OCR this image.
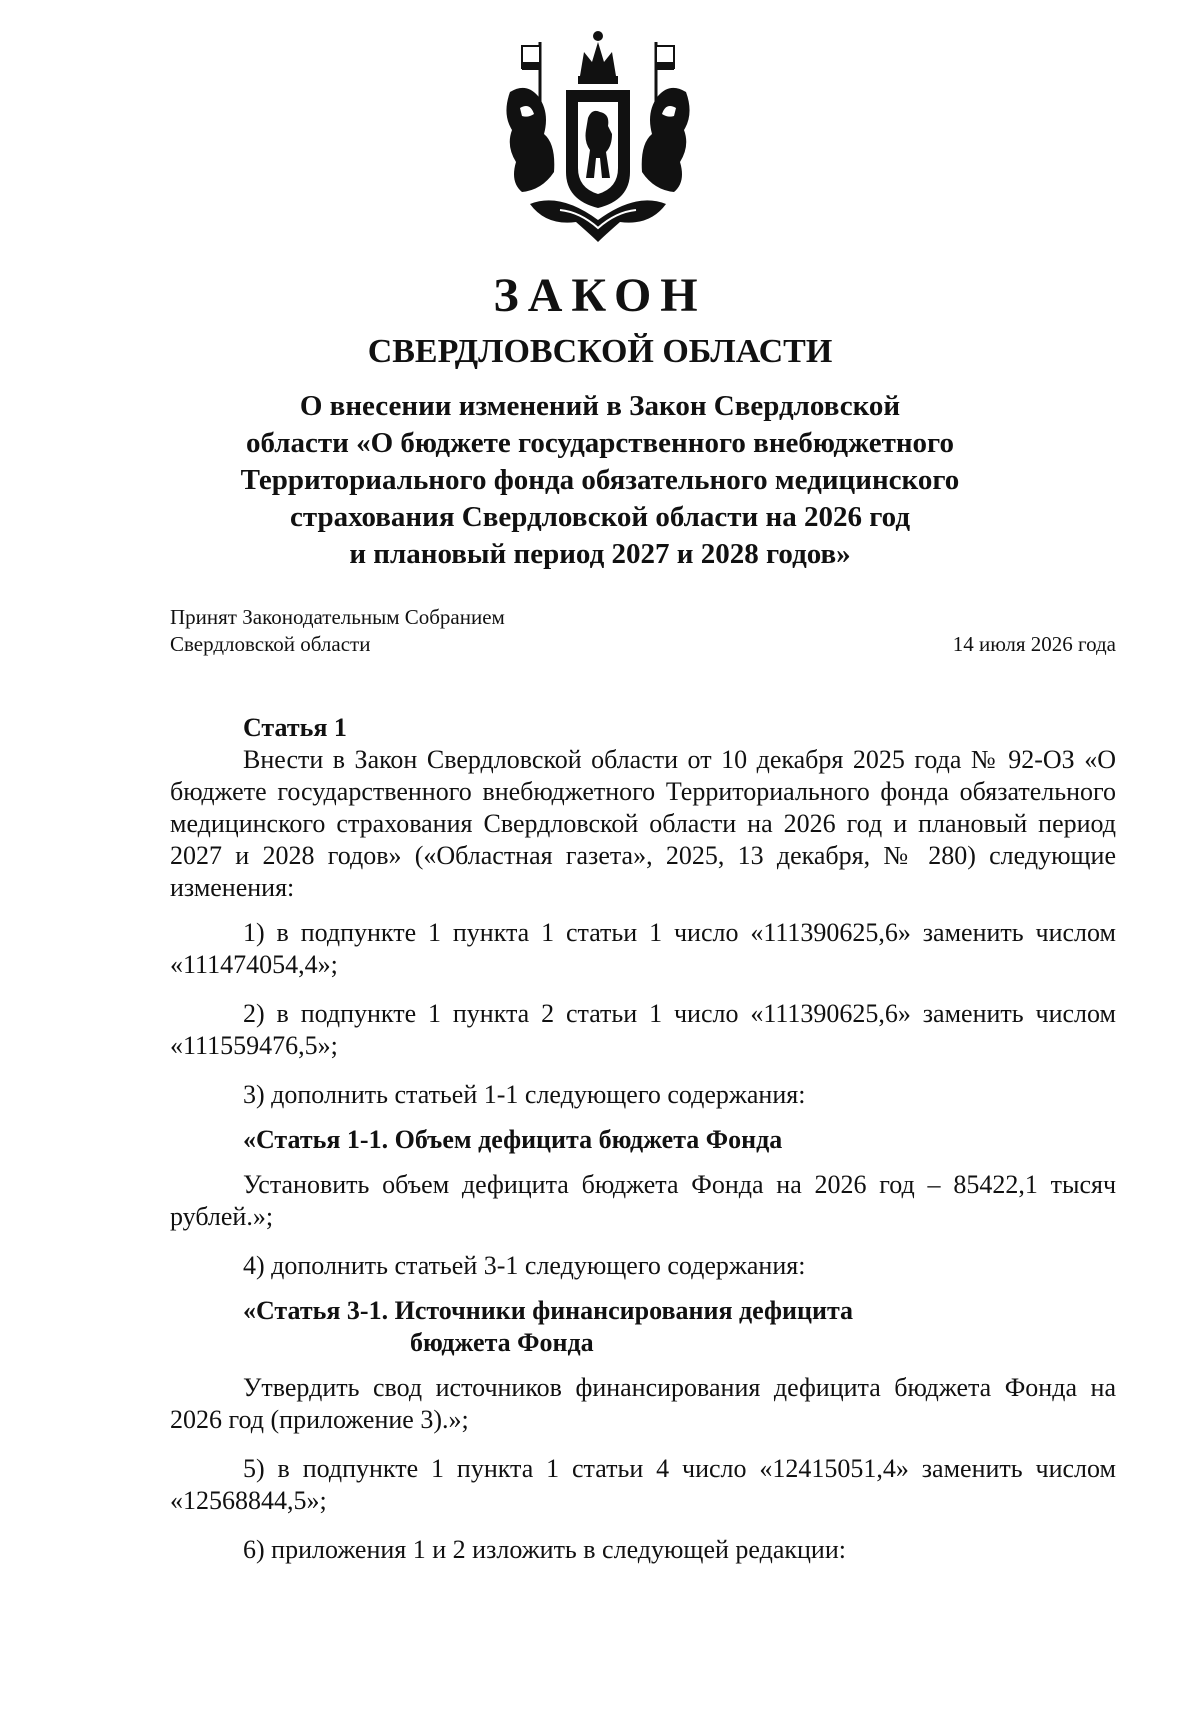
ЗАКОН
СВЕРДЛОВСКОЙ ОБЛАСТИ
О внесении изменений в Закон Свердловской
области «О бюджете государственного внебюджетного
Территориального фонда обязательного медицинского
страхования Свердловской области на 2026 год
и плановый период 2027 и 2028 годов»
Принят Законодательным Собранием
Свердловской области	14 июля 2026 года

Статья 1

Внести в Закон Свердловской области от 10 декабря 2025 года № 92-ОЗ «О бюджете государственного внебюджетного Территориального фонда обязательного медицинского страхования Свердловской области на 2026 год и плановый период 2027 и 2028 годов» («Областная газета», 2025, 13 декабря, № 280) следующие изменения:

1) в подпункте 1 пункта 1 статьи 1 число «111390625,6» заменить числом «111474054,4»;

2) в подпункте 1 пункта 2 статьи 1 число «111390625,6» заменить числом «111559476,5»;

3) дополнить статьей 1-1 следующего содержания:

«Статья 1-1. Объем дефицита бюджета Фонда

Установить объем дефицита бюджета Фонда на 2026 год – 85422,1 тысяч рублей.»;

4) дополнить статьей 3-1 следующего содержания:

«Статья 3-1. Источники финансирования дефицита
бюджета Фонда

Утвердить свод источников финансирования дефицита бюджета Фонда на 2026 год (приложение 3).»;

5) в подпункте 1 пункта 1 статьи 4 число «12415051,4» заменить числом «12568844,5»;

6) приложения 1 и 2 изложить в следующей редакции:
